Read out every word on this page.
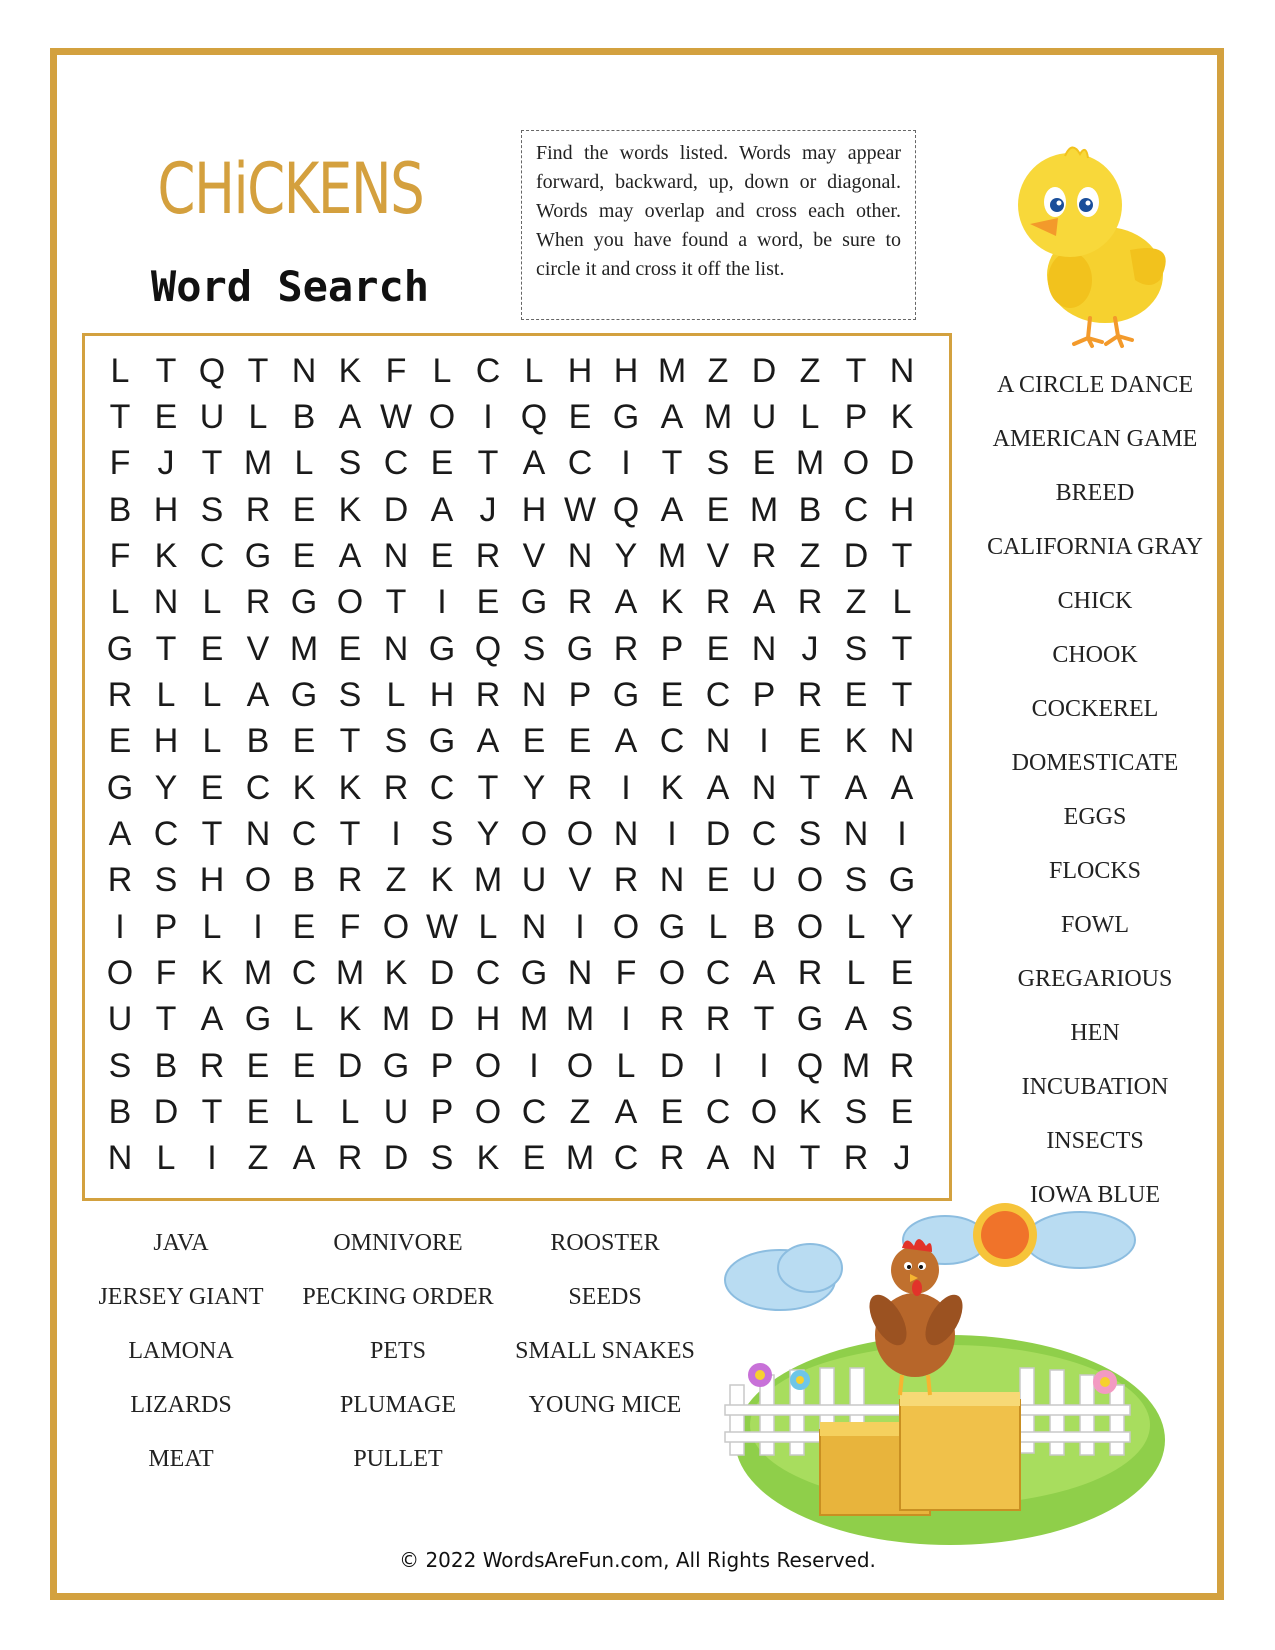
CHiCKENS
Word Search
Find the words listed. Words may appear forward, backward, up, down or diagonal. Words may overlap and cross each other. When you have found a word, be sure to circle it and cross it off the list.
L T Q T N K F L C L H H M Z D Z T N
T E U L B A W O I Q E G A M U L P K
F J T M L S C E T A C I T S E M O D
B H S R E K D A J H W Q A E M B C H
F K C G E A N E R V N Y M V R Z D T
L N L R G O T I E G R A K R A R Z L
G T E V M E N G Q S G R P E N J S T
R L L A G S L H R N P G E C P R E T
E H L B E T S G A E E A C N I E K N
G Y E C K K R C T Y R I K A N T A A
A C T N C T I S Y O O N I D C S N I
R S H O B R Z K M U V R N E U O S G
I P L I E F O W L N I O G L B O L Y
O F K M C M K D C G N F O C A R L E
U T A G L K M D H M M I R R T G A S
S B R E E D G P O I O L D I	I Q M R
B D T E L L U P O C Z A E C O K S E
N L I Z A R D S K E M C R A N T R J
A CIRCLE DANCE
AMERICAN GAME
BREED
CALIFORNIA GRAY
CHICK
CHOOK
COCKEREL
DOMESTICATE
EGGS
FLOCKS
FOWL
GREGARIOUS
HEN
INCUBATION
INSECTS
IOWA BLUE
JAVA
JERSEY GIANT
LAMONA
LIZARDS
MEAT
OMNIVORE
PECKING ORDER
PETS
PLUMAGE
PULLET
ROOSTER
SEEDS
SMALL SNAKES
YOUNG MICE
© 2022 WordsAreFun.com, All Rights Reserved.
